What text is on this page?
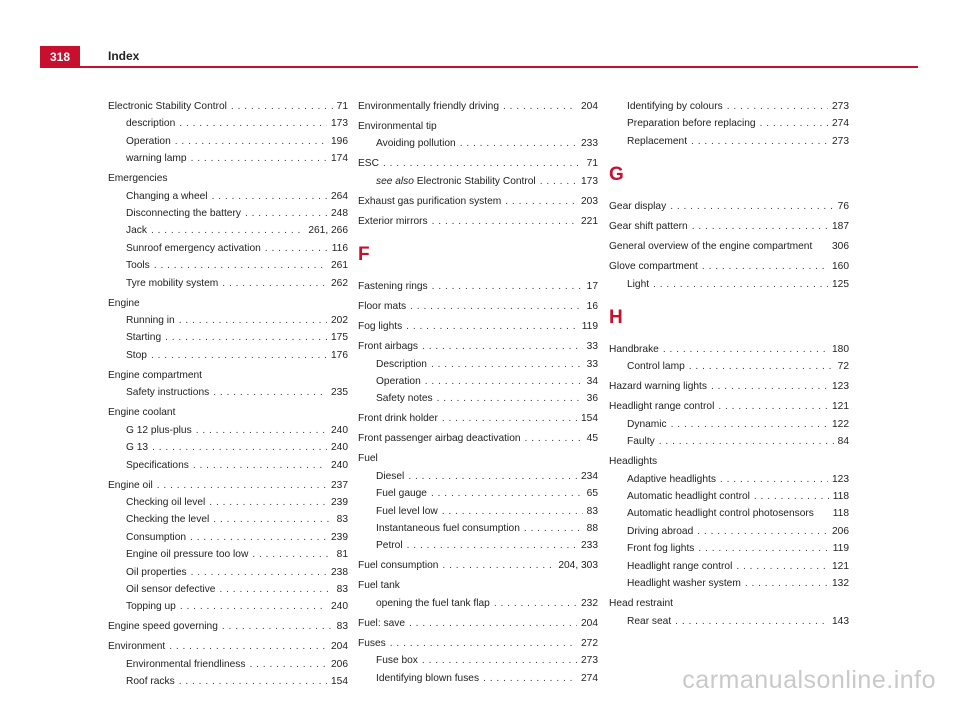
318	Index
Electronic Stability Control . . .	71
description . . .	173
Operation . . .	196
warning lamp . . .	174
Emergencies
Changing a wheel . . .	264
Disconnecting the battery . . .	248
Jack . . .	261, 266
Sunroof emergency activation . . .	116
Tools . . .	261
Tyre mobility system . . .	262
Engine
Running in . . .	202
Starting . . .	175
Stop . . .	176
Engine compartment
Safety instructions . . .	235
Engine coolant
G 12 plus-plus . . .	240
G 13 . . .	240
Specifications . . .	240
Engine oil . . .	237
Checking oil level . . .	239
Checking the level . . .	83
Consumption . . .	239
Engine oil pressure too low . . .	81
Oil properties . . .	238
Oil sensor defective . . .	83
Topping up . . .	240
Engine speed governing . . .	83
Environment . . .	204
Environmental friendliness . . .	206
Roof racks . . .	154
Environmentally friendly driving . . .	204
Environmental tip
Avoiding pollution . . .	233
ESC . . .	71
see also Electronic Stability Control . . .	173
Exhaust gas purification system . . .	203
Exterior mirrors . . .	221
F
Fastening rings . . .	17
Floor mats . . .	16
Fog lights . . .	119
Front airbags . . .	33
Description . . .	33
Operation . . .	34
Safety notes . . .	36
Front drink holder . . .	154
Front passenger airbag deactivation . . .	45
Fuel
Diesel . . .	234
Fuel gauge . . .	65
Fuel level low . . .	83
Instantaneous fuel consumption . . .	88
Petrol . . .	233
Fuel consumption . . .	204, 303
Fuel tank
opening the fuel tank flap . . .	232
Fuel: save . . .	204
Fuses . . .	272
Fuse box . . .	273
Identifying blown fuses . . .	274
Identifying by colours . . .	273
Preparation before replacing . . .	274
Replacement . . .	273
G
Gear display . . .	76
Gear shift pattern . . .	187
General overview of the engine compartment 306
Glove compartment . . .	160
Light . . .	125
H
Handbrake . . .	180
Control lamp . . .	72
Hazard warning lights . . .	123
Headlight range control . . .	121
Dynamic . . .	122
Faulty . . .	84
Headlights
Adaptive headlights . . .	123
Automatic headlight control . . .	118
Automatic headlight control photosensors 118
Driving abroad . . .	206
Front fog lights . . .	119
Headlight range control . . .	121
Headlight washer system . . .	132
Head restraint
Rear seat . . .	143
carmanualsonline.info
